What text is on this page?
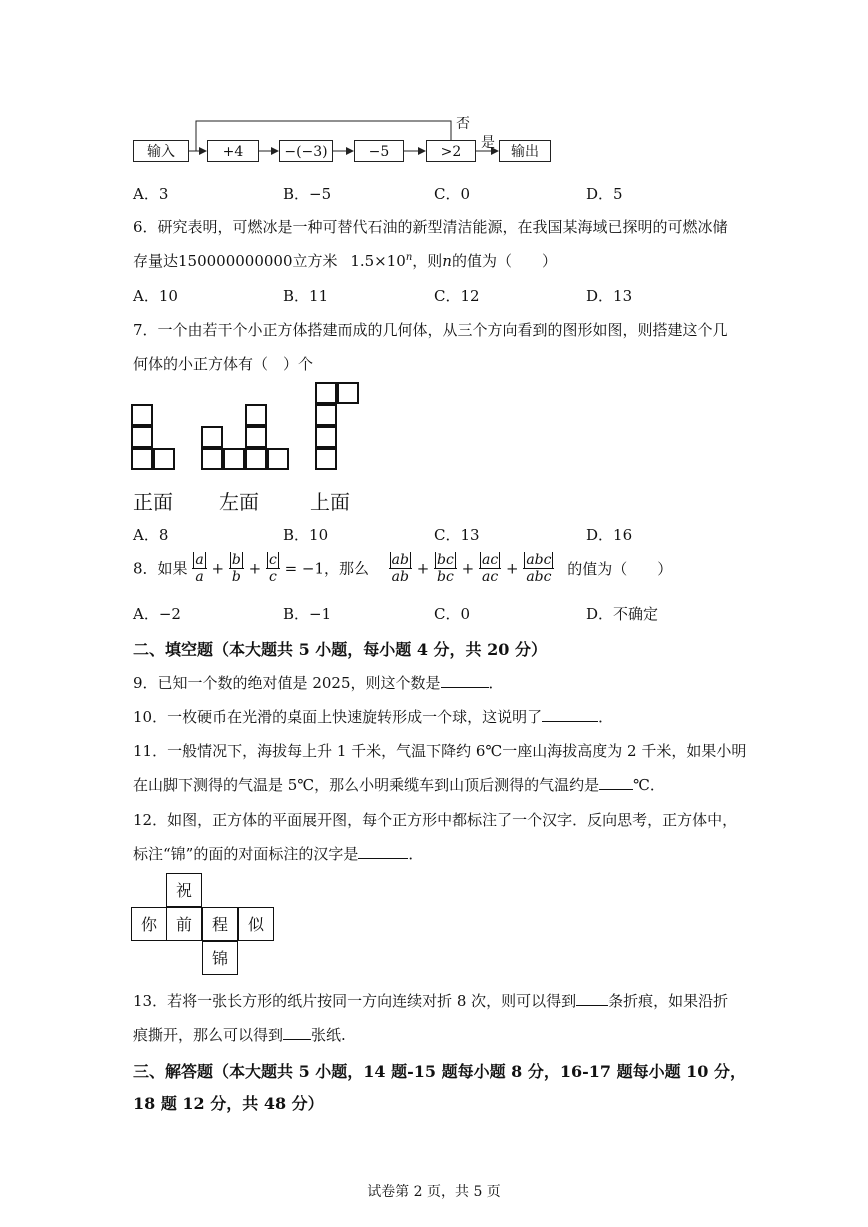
输入	+4	−(−3)	−5	>2	输出
否
是
A．3	B．−5	C．0	D．5
6．研究表明，可燃冰是一种可替代石油的新型清洁能源，在我国某海域已探明的可燃冰储
存量达150000000000立方米 $1.5\times 10^n$，则n的值为（　　）
A．10	B．11	C．12	D．13
7．一个由若干个小正方体搭建而成的几何体，从三个方向看到的图形如图，则搭建这个几
何体的小正方体有（　）个
正面 左面	上面
A．8	B．10	C．13	D．16
8．如果 $\frac{a}{a} + \frac{b}{b} + \frac{c}{c} = -1$，那么 $\frac{ab}{ab} + \frac{bc}{bc} + \frac{ac}{ac} + \frac{\text{abc}}{\text{abc}}$ 的值为（　　）
A．−2	B．−1	C．0	D．不确定
二、填空题（本大题共 5 小题，每小题 4 分，共 20 分）
9．已知一个数的绝对值是 2025，则这个数是	．
10．一枚硬币在光滑的桌面上快速旋转形成一个球，这说明了	．
11．一般情况下，海拔每上升 1 千米，气温下降约 6℃一座山海拔高度为 2 千米，如果小明
在山脚下测得的气温是 5℃，那么小明乘缆车到山顶后测得的气温约是 ℃．
12．如图，正方体的平面展开图，每个正方形中都标注了一个汉字．反向思考，正方体中，
标注“锦”的面的对面标注的汉字是	．
祝
你	前	程	似
锦
13．若将一张长方形的纸片按同一方向连续对折 8 次，则可以得到 条折痕，如果沿折
痕撕开，那么可以得到 张纸.
三、解答题（本大题共 5 小题，14 题-15 题每小题 8 分，16-17 题每小题 10 分，
18 题 12 分，共 48 分）
试卷第 2 页，共 5 页
